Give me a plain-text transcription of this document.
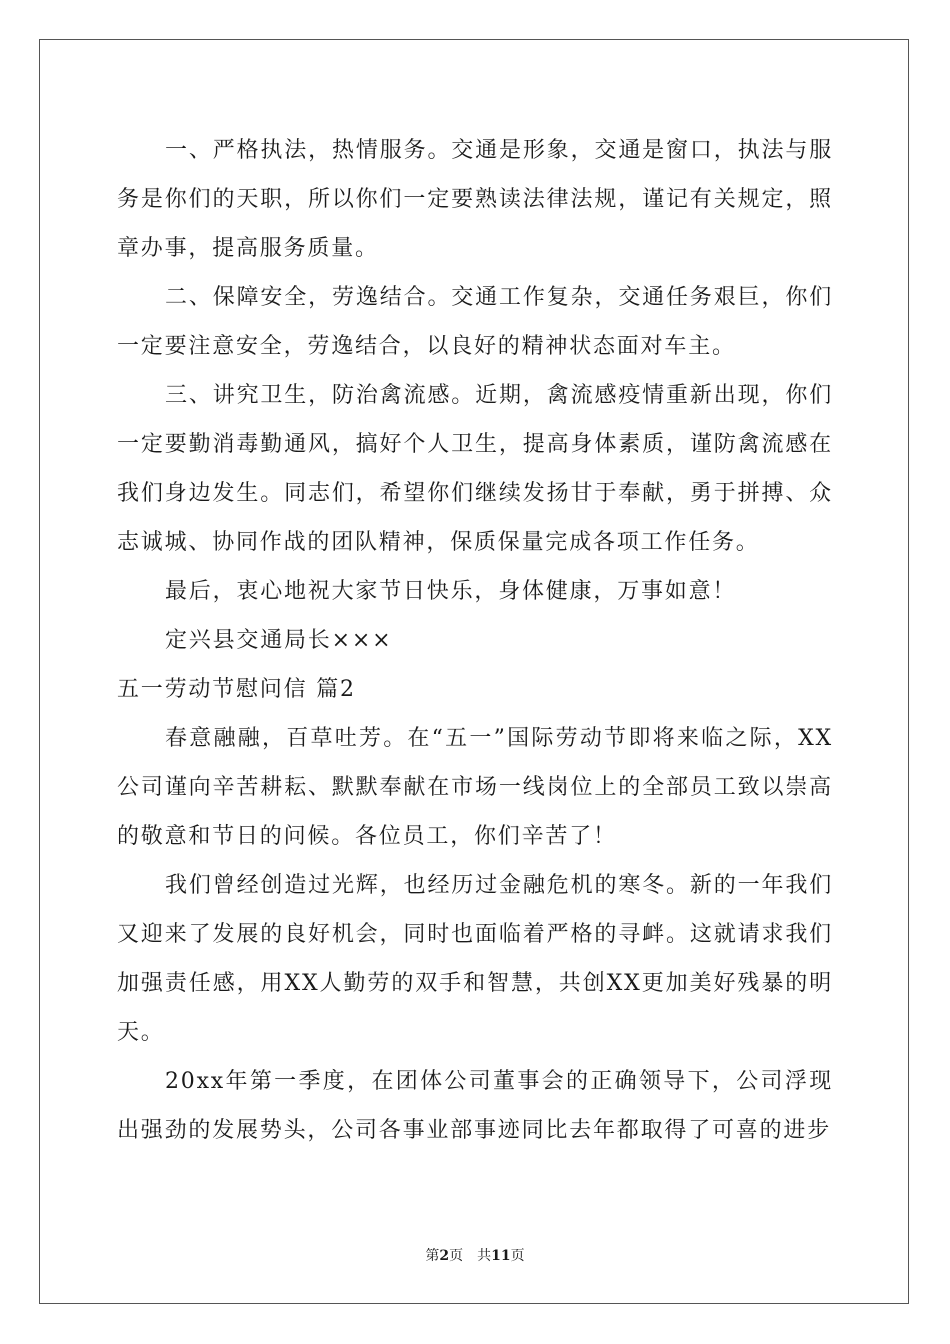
一、严格执法，热情服务。交通是形象，交通是窗口，执法与服务是你们的天职，所以你们一定要熟读法律法规，谨记有关规定，照章办事，提高服务质量。

二、保障安全，劳逸结合。交通工作复杂，交通任务艰巨，你们一定要注意安全，劳逸结合，以良好的精神状态面对车主。

三、讲究卫生，防治禽流感。近期，禽流感疫情重新出现，你们一定要勤消毒勤通风，搞好个人卫生，提高身体素质，谨防禽流感在我们身边发生。同志们，希望你们继续发扬甘于奉献，勇于拼搏、众志诚城、协同作战的团队精神，保质保量完成各项工作任务。

最后，衷心地祝大家节日快乐，身体健康，万事如意！

定兴县交通局长×××

五一劳动节慰问信 篇2

春意融融，百草吐芳。在“五一”国际劳动节即将来临之际，XX公司谨向辛苦耕耘、默默奉献在市场一线岗位上的全部员工致以崇高的敬意和节日的问候。各位员工，你们辛苦了！

我们曾经创造过光辉，也经历过金融危机的寒冬。新的一年我们又迎来了发展的良好机会，同时也面临着严格的寻衅。这就请求我们加强责任感，用XX人勤劳的双手和智慧，共创XX更加美好残暴的明天。

20xx年第一季度，在团体公司董事会的正确领导下，公司浮现出强劲的发展势头，公司各事业部事迹同比去年都取得了可喜的进步

第2页 共11页
